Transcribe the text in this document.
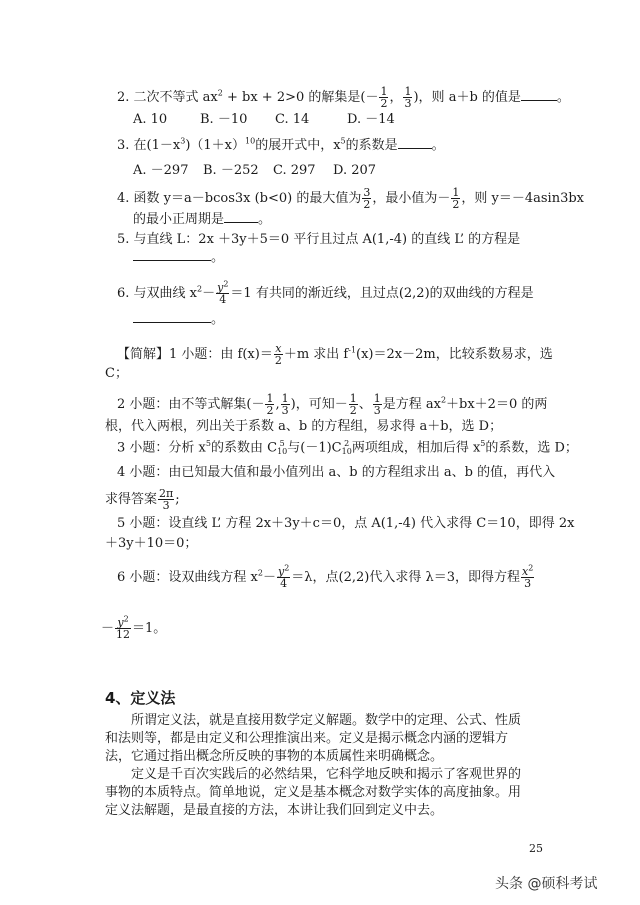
2. 二次不等式 $ax^2$ + bx + 2>0 的解集是(－ $\frac{1}{2}$ ， $\frac{1}{3}$ )，则 a＋b 的值是	。
A. 10	B. －10 C. 14	D. －14
3. 在$(1-x^3)(1+x)^{10}$的展开式中，$x^5$的系数是	。
A. －297 B. －252 C. 297 D. 207
4. 函数 y＝a－bcos3x (b<0) 的最大值为 $\frac{3}{2}$ ，最小值为－ $\frac{1}{2}$ ，则 y＝－4asin3bx
的最小正周期是	。
5. 与直线 L：2x ＋3y＋5＝0 平行且过点 A(1,-4) 的直线 L’ 的方程是
。
6. 与双曲线 $x^2- \frac{y^2}{4} =1$ 有共同的渐近线，且过点(2,2)的双曲线的方程是
。
【简解】1 小题：由 $f(x)= \frac{x}{2} +m$ 求出 $f^{-1}(x)=2x-2m$，比较系数易求，选
C；
2 小题：由不等式解集(－ $\frac{1}{2}$ , $\frac{1}{3}$ )，可知－ $\frac{1}{2}$ 、 $\frac{1}{3}$ 是方程 $ax^2+bx+2=0$ 的两
根，代入两根，列出关于系数 a、b 的方程组，易求得 a＋b，选 D；
3 小题：分析 $x^5$的系数由 C 5
10 与(－1)C 2
10 两项组成，相加后得 $x^5$的系数，选 D；
4 小题：由已知最大值和最小值列出 a、b 的方程组求出 a、b 的值，再代入
求得答案 $\frac{2\pi}{3}$ ;
5 小题：设直线 L’ 方程 2x＋3y＋c＝0，点 A(1,-4) 代入求得 C＝10，即得 2x
＋3y＋10＝0；
6 小题：设双曲线方程 $x^2- \frac{y^2}{4} =\lambda$，点(2,2)代入求得 λ＝3，即得方程 $\frac{x^2}{3}$
－ $\frac{y^2}{12} =1$。
4、定义法

所谓定义法，就是直接用数学定义解题。数学中的定理、公式、性质和法则等，都是由定义和公理推演出来。定义是揭示概念内涵的逻辑方法，它通过指出概念所反映的事物的本质属性来明确概念。

定义是千百次实践后的必然结果，它科学地反映和揭示了客观世界的事物的本质特点。简单地说，定义是基本概念对数学实体的高度抽象。用定义法解题，是最直接的方法，本讲让我们回到定义中去。

25
头条 @硕科考试
